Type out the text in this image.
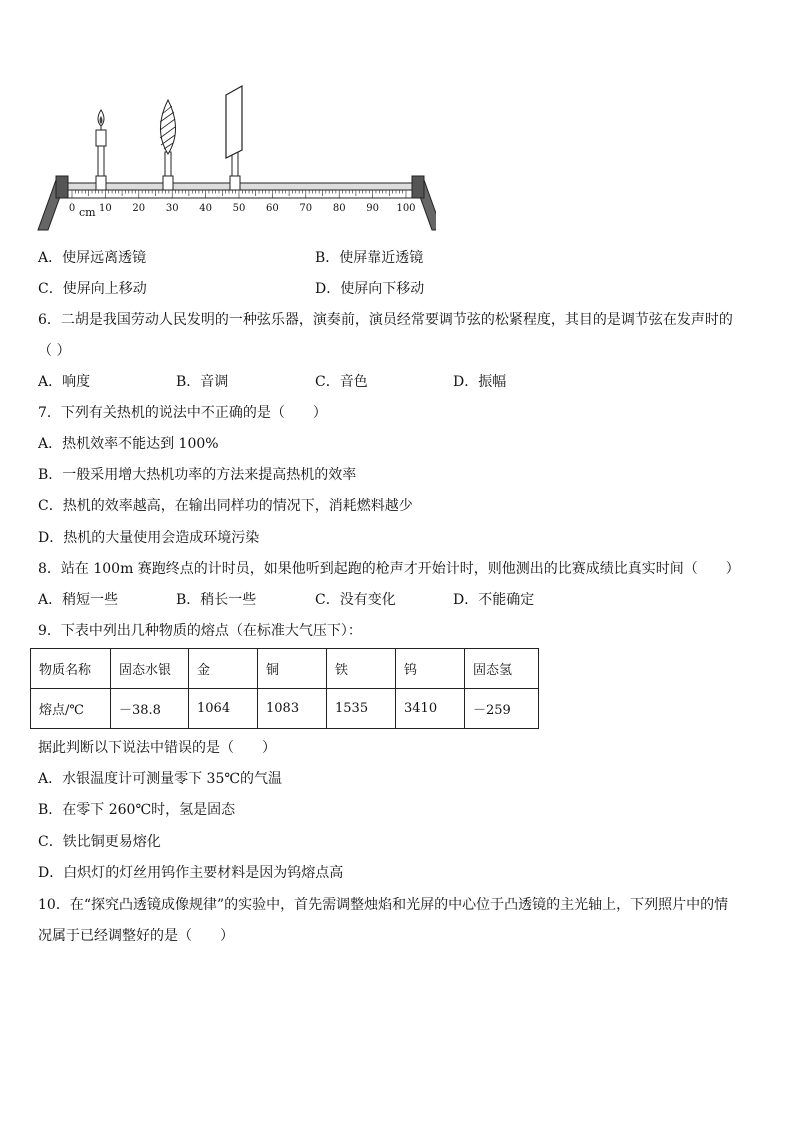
0 10 20 30 40 50 60 70 80 90 100
cm
A．使屏远离透镜	B．使屏靠近透镜
C．使屏向上移动	D．使屏向下移动
6．二胡是我国劳动人民发明的一种弦乐器，演奏前，演员经常要调节弦的松紧程度，其目的是调节弦在发声时的
（ ）
A．响度	B．音调	C．音色	D．振幅
7．下列有关热机的说法中不正确的是（　　）
A．热机效率不能达到 100%
B．一般采用增大热机功率的方法来提高热机的效率
C．热机的效率越高，在输出同样功的情况下，消耗燃料越少
D．热机的大量使用会造成环境污染
8．站在 100m 赛跑终点的计时员，如果他听到起跑的枪声才开始计时，则他测出的比赛成绩比真实时间（　　）
A．稍短一些	B．稍长一些	C．没有变化	D．不能确定
9．下表中列出几种物质的熔点（在标准大气压下）：
物质名称	固态水银	金	铜	铁	钨	固态氢
熔点/℃	－38.8	1064	1083	1535	3410	－259
据此判断以下说法中错误的是（　　）
A．水银温度计可测量零下 35℃的气温
B．在零下 260℃时，氢是固态
C．铁比铜更易熔化
D．白炽灯的灯丝用钨作主要材料是因为钨熔点高
10．在“探究凸透镜成像规律”的实验中，首先需调整烛焰和光屏的中心位于凸透镜的主光轴上，下列照片中的情
况属于已经调整好的是（　　）
